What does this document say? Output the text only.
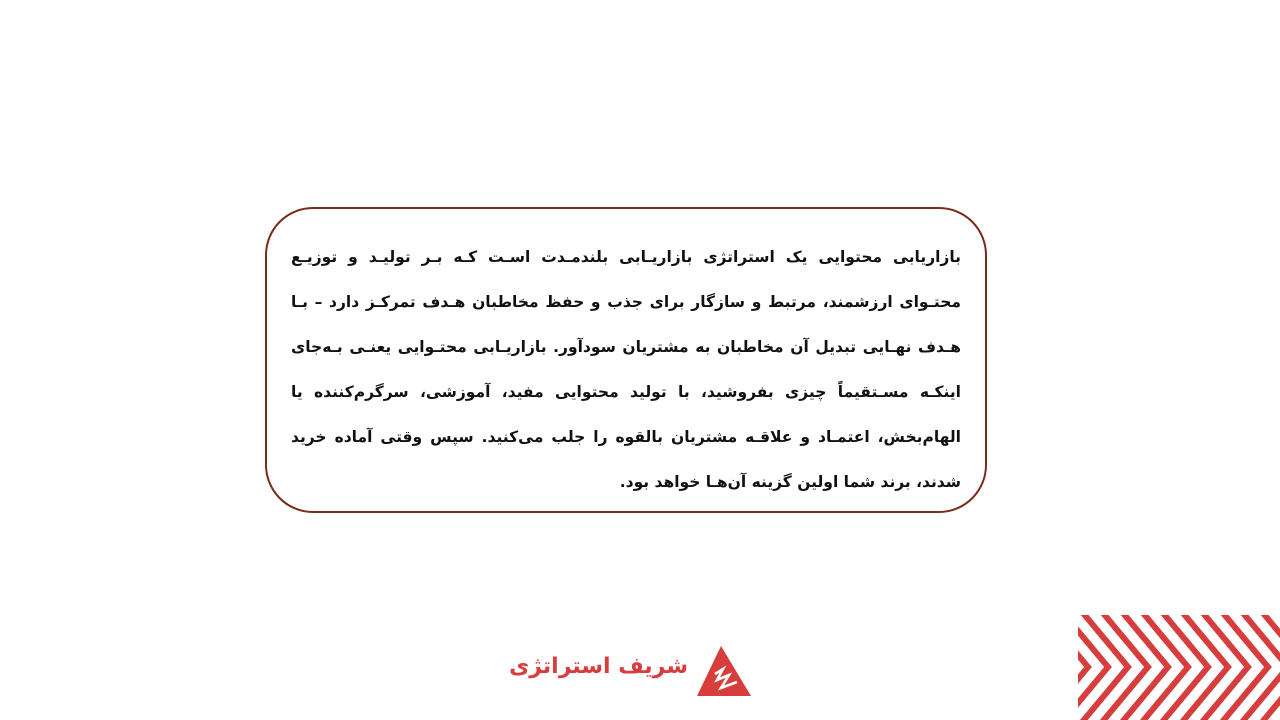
بازاریابی محتوایی یک استراتژی بازاریـابی بلندمـدت اسـت کـه بـر تولیـد و توزیـع محتـوای ارزشمند، مرتبط و سازگار برای جذب و حفظ مخاطبان هـدف تمرکـز دارد – بـا هـدف نهـایی تبدیل آن مخاطبان به مشتریان سودآور. بازاریـابی محتـوایی یعنـی بـه‌جای اینکـه مسـتقیماً چیزی بفروشید، با تولید محتوایی مفید، آموزشی، سرگرم‌کننده یا الهام‌بخش، اعتمـاد و علاقـه مشتریان بالقوه را جلب می‌کنید. سپس وقتی آماده خرید شدند، برند شما اولین گزینه آن‌هـا خواهد بود.

شریف استراتژی
